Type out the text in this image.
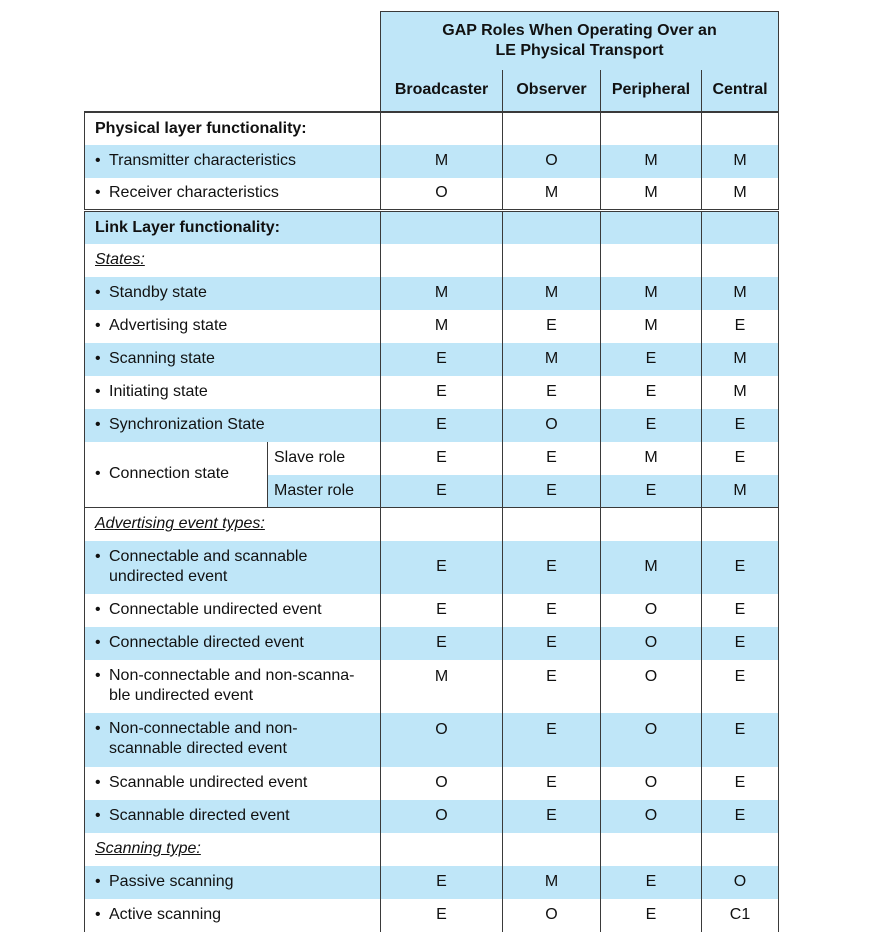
		GAP Roles When Operating Over an
LE Physical Transport			

		Broadcaster	Observer	Peripheral	Central
Physical layer functionality:					
• Transmitter characteristics		M	O	M	M
• Receiver characteristics		O	M	M	M
Link Layer functionality:					
States:					
• Standby state		M	M	M	M
• Advertising state		M	E	M	E
• Scanning state		E	M	E	M
• Initiating state		E	E	E	M
• Synchronization State		E	O	E	E
• Connection state	Slave role	E	E	M	E
	Master role	E	E	E	M
Advertising event types:					

• Connectable and scannable
undirected event		E	E	M	E
• Connectable undirected event		E	E	O	E
• Connectable directed event		E	E	O	E

• Non-connectable and non-scanna-
ble undirected event		M	E	O	E

• Non-connectable and non-
scannable directed event		O	E	O	E
• Scannable undirected event		O	E	O	E
• Scannable directed event		O	E	O	E
Scanning type:					
• Passive scanning		E	M	E	O
• Active scanning		E	O	E	C1
